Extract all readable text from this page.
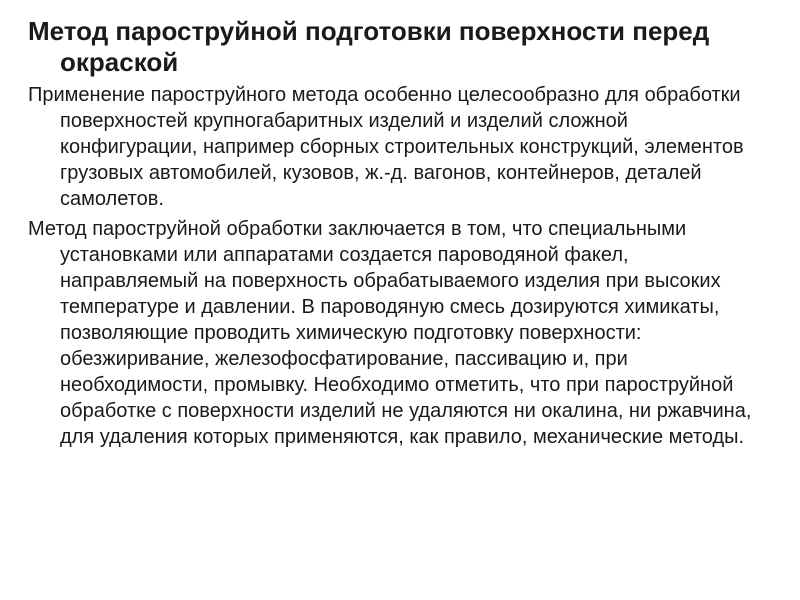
Метод пароструйной подготовки поверхности перед окраской

Применение пароструйного метода особенно целесообразно для обработки поверхностей крупногабаритных изделий и изделий сложной конфигурации, например сборных строительных конструкций, элементов грузовых автомобилей, кузовов, ж.-д. вагонов, контейнеров, деталей самолетов.

Метод пароструйной обработки заключается в том, что специальными установками или аппаратами создается пароводяной факел, направляемый на поверхность обрабатываемого изделия при высоких температуре и давлении. В пароводяную смесь дозируются химикаты, позволяющие проводить химическую подготовку поверхности: обезжиривание, железофосфатирование, пассивацию и, при необходимости, промывку. Необходимо отметить, что при пароструйной обработке с поверхности изделий не удаляются ни окалина, ни ржавчина, для удаления которых применяются, как правило, механические методы.
